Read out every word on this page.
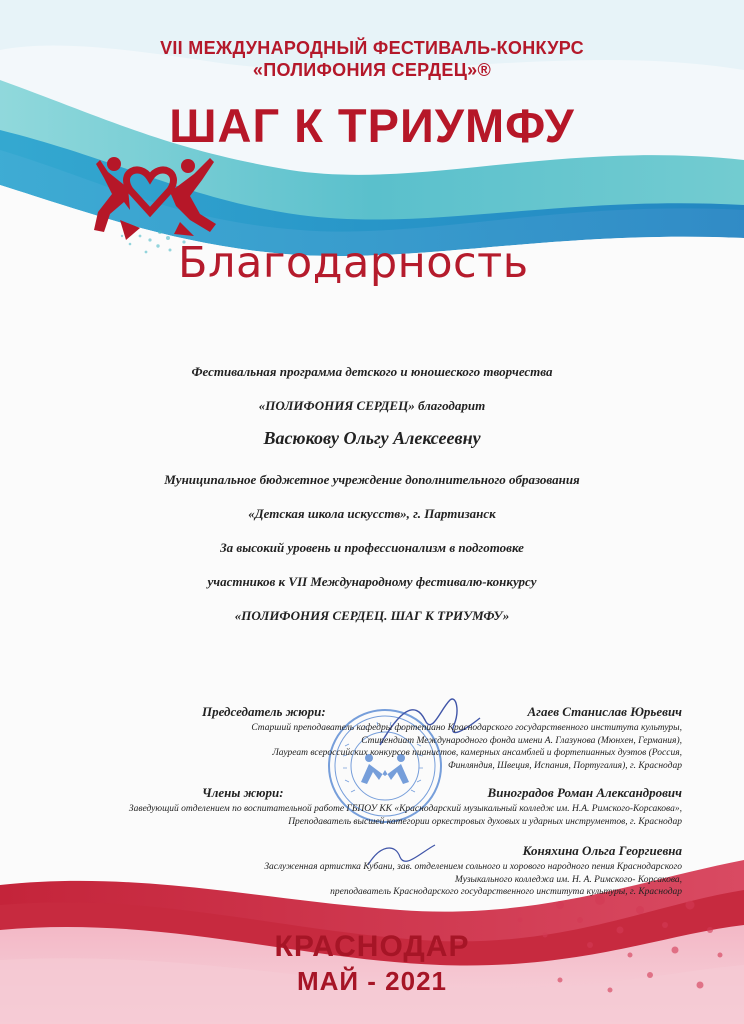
VII МЕЖДУНАРОДНЫЙ ФЕСТИВАЛЬ-КОНКУРС
«ПОЛИФОНИЯ СЕРДЕЦ»®
ШАГ К ТРИУМФУ
Благодарность
Фестивальная программа детского и юношеского творчества
«ПОЛИФОНИЯ СЕРДЕЦ» благодарит
Васюкову Ольгу Алексеевну
Муниципальное бюджетное учреждение дополнительного образования
«Детская школа искусств», г. Партизанск
За высокий уровень и профессионализм в подготовке
участников к VII Международному фестивалю-конкурсу
«ПОЛИФОНИЯ СЕРДЕЦ. ШАГ К ТРИУМФУ»
Председатель жюри:	Агаев Станислав Юрьевич
Старший преподаватель кафедры фортепиано Краснодарского государственного института культуры,
Стипендиат Международного фонда имени А. Глазунова (Мюнхен, Германия),
Лауреат всероссийских конкурсов пианистов, камерных ансамблей и фортепианных дуэтов (Россия,
Финляндия, Швеция, Испания, Португалия), г. Краснодар
Члены жюри:	Виноградов Роман Александрович
Заведующий отделением по воспитательной работе ГБПОУ КК «Краснодарский музыкальный колледж им. Н.А. Римского-Корсакова»,
Преподаватель высшей категории оркестровых духовых и ударных инструментов, г. Краснодар
Коняхина Ольга Георгиевна
Заслуженная артистка Кубани, зав. отделением сольного и хорового народного пения Краснодарского
Музыкального колледжа им. Н. А. Римского- Корсакова,
преподаватель Краснодарского государственного института культуры, г. Краснодар
КРАСНОДАР
МАЙ - 2021
